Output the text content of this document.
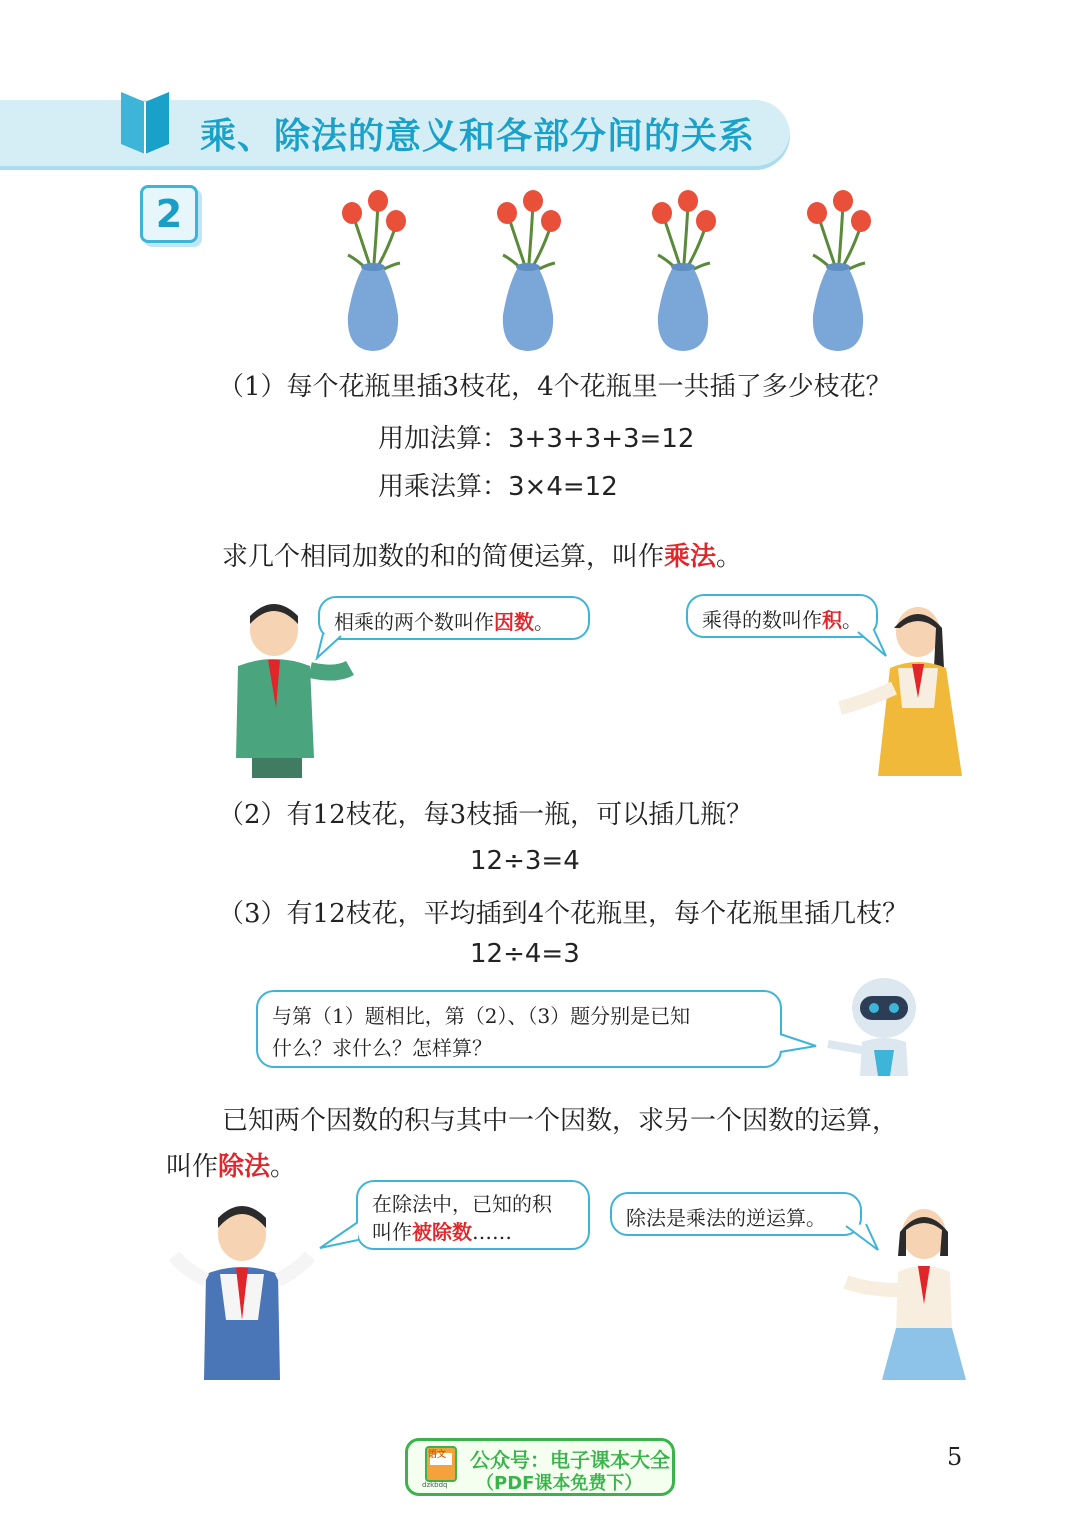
乘、除法的意义和各部分间的关系
2
（1）每个花瓶里插3枝花，4个花瓶里一共插了多少枝花？
用加法算：3+3+3+3=12
用乘法算：3×4=12
求几个相同加数的和的简便运算，叫作乘法。
相乘的两个数叫作因数。	乘得的数叫作积。
（2）有12枝花，每3枝插一瓶，可以插几瓶？
12÷3=4
（3）有12枝花，平均插到4个花瓶里，每个花瓶里插几枝？
12÷4=3
与第（1）题相比，第（2）、（3）题分别是已知
什么？求什么？怎样算？
已知两个因数的积与其中一个因数，求另一个因数的运算，
叫作除法。
在除法中，已知的积
叫作被除数……
除法是乘法的逆运算。
语文
dzkbdq
公众号：电子课本大全
（PDF课本免费下）
5
